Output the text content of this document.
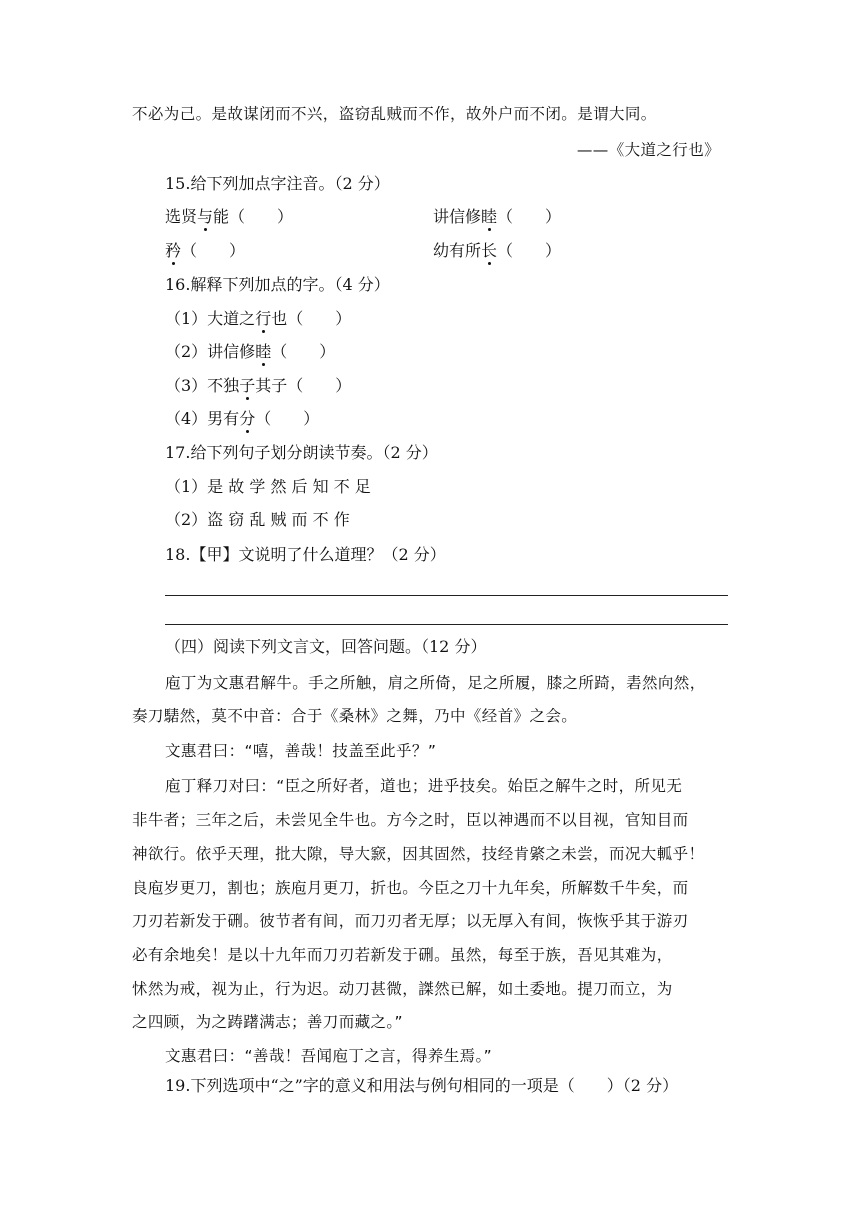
不必为己。是故谋闭而不兴，盗窃乱贼而不作，故外户而不闭。是谓大同。
——《大道之行也》
15.给下列加点字注音。（2 分）
选贤与能（　　）	讲信修睦（　　）
矜（　　）	幼有所长（　　）
16.解释下列加点的字。（4 分）
（1）大道之行也（　　）
（2）讲信修睦（　　）
（3）不独子其子（　　）
（4）男有分（　　）
17.给下列句子划分朗读节奏。（2 分）
（1）是 故 学 然 后 知 不 足
（2）盗 窃 乱 贼 而 不 作
18.【甲】文说明了什么道理？（2 分）
（四）阅读下列文言文，回答问题。（12 分）
庖丁为文惠君解牛。手之所触，肩之所倚，足之所履，膝之所踦，砉然向然，
奏刀騞然，莫不中音：合于《桑林》之舞，乃中《经首》之会。
文惠君曰：“嘻，善哉！技盖至此乎？”
庖丁释刀对曰：“臣之所好者，道也；进乎技矣。始臣之解牛之时，所见无
非牛者；三年之后，未尝见全牛也。方今之时，臣以神遇而不以目视，官知目而
神欲行。依乎天理，批大隙，导大窾，因其固然，技经肯綮之未尝，而况大軱乎！
良庖岁更刀，割也；族庖月更刀，折也。今臣之刀十九年矣，所解数千牛矣，而
刀刃若新发于硎。彼节者有间，而刀刃者无厚；以无厚入有间，恢恢乎其于游刃
必有余地矣！是以十九年而刀刃若新发于硎。虽然，每至于族，吾见其难为，
怵然为戒，视为止，行为迟。动刀甚微，謋然已解，如土委地。提刀而立，为
之四顾，为之踌躇满志；善刀而藏之。”
文惠君曰：“善哉！吾闻庖丁之言，得养生焉。”
19.下列选项中“之”字的意义和用法与例句相同的一项是（　　）（2 分）
